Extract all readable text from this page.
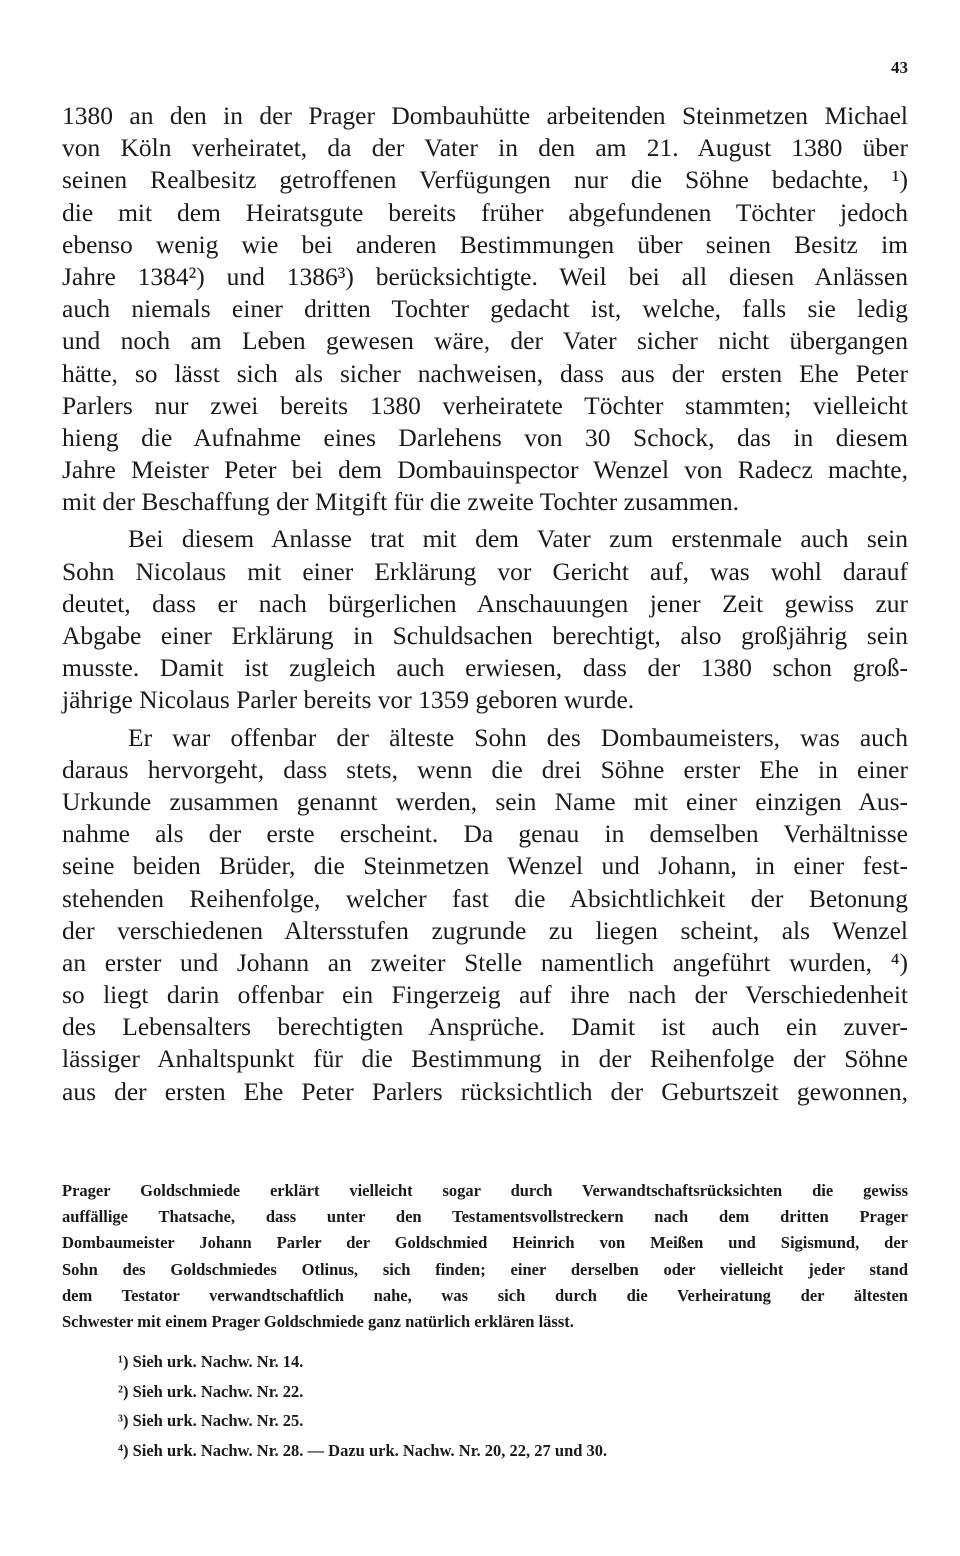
43
1380 an den in der Prager Dombauhütte arbeitenden Steinmetzen Michael
von Köln verheiratet, da der Vater in den am 21. August 1380 über
seinen Realbesitz getroffenen Verfügungen nur die Söhne bedachte, ¹)
die mit dem Heiratsgute bereits früher abgefundenen Töchter jedoch
ebenso wenig wie bei anderen Bestimmungen über seinen Besitz im
Jahre 1384²) und 1386³) berücksichtigte. Weil bei all diesen Anlässen
auch niemals einer dritten Tochter gedacht ist, welche, falls sie ledig
und noch am Leben gewesen wäre, der Vater sicher nicht übergangen
hätte, so lässt sich als sicher nachweisen, dass aus der ersten Ehe Peter
Parlers nur zwei bereits 1380 verheiratete Töchter stammten; vielleicht
hieng die Aufnahme eines Darlehens von 30 Schock, das in diesem
Jahre Meister Peter bei dem Dombauinspector Wenzel von Radecz machte,
mit der Beschaffung der Mitgift für die zweite Tochter zusammen.
Bei diesem Anlasse trat mit dem Vater zum erstenmale auch sein
Sohn Nicolaus mit einer Erklärung vor Gericht auf, was wohl darauf
deutet, dass er nach bürgerlichen Anschauungen jener Zeit gewiss zur
Abgabe einer Erklärung in Schuldsachen berechtigt, also großjährig sein
musste. Damit ist zugleich auch erwiesen, dass der 1380 schon groß-
jährige Nicolaus Parler bereits vor 1359 geboren wurde.
Er war offenbar der älteste Sohn des Dombaumeisters, was auch
daraus hervorgeht, dass stets, wenn die drei Söhne erster Ehe in einer
Urkunde zusammen genannt werden, sein Name mit einer einzigen Aus-
nahme als der erste erscheint. Da genau in demselben Verhältnisse
seine beiden Brüder, die Steinmetzen Wenzel und Johann, in einer fest-
stehenden Reihenfolge, welcher fast die Absichtlichkeit der Betonung
der verschiedenen Altersstufen zugrunde zu liegen scheint, als Wenzel
an erster und Johann an zweiter Stelle namentlich angeführt wurden, ⁴)
so liegt darin offenbar ein Fingerzeig auf ihre nach der Verschiedenheit
des Lebensalters berechtigten Ansprüche. Damit ist auch ein zuver-
lässiger Anhaltspunkt für die Bestimmung in der Reihenfolge der Söhne
aus der ersten Ehe Peter Parlers rücksichtlich der Geburtszeit gewonnen,
Prager Goldschmiede erklärt vielleicht sogar durch Verwandtschaftsrücksichten die gewiss
auffällige Thatsache, dass unter den Testamentsvollstreckern nach dem dritten Prager
Dombaumeister Johann Parler der Goldschmied Heinrich von Meißen und Sigismund, der
Sohn des Goldschmiedes Otlinus, sich finden; einer derselben oder vielleicht jeder stand
dem Testator verwandtschaftlich nahe, was sich durch die Verheiratung der ältesten
Schwester mit einem Prager Goldschmiede ganz natürlich erklären lässt.
¹) Sieh urk. Nachw. Nr. 14.
²) Sieh urk. Nachw. Nr. 22.
³) Sieh urk. Nachw. Nr. 25.
⁴) Sieh urk. Nachw. Nr. 28. — Dazu urk. Nachw. Nr. 20, 22, 27 und 30.
